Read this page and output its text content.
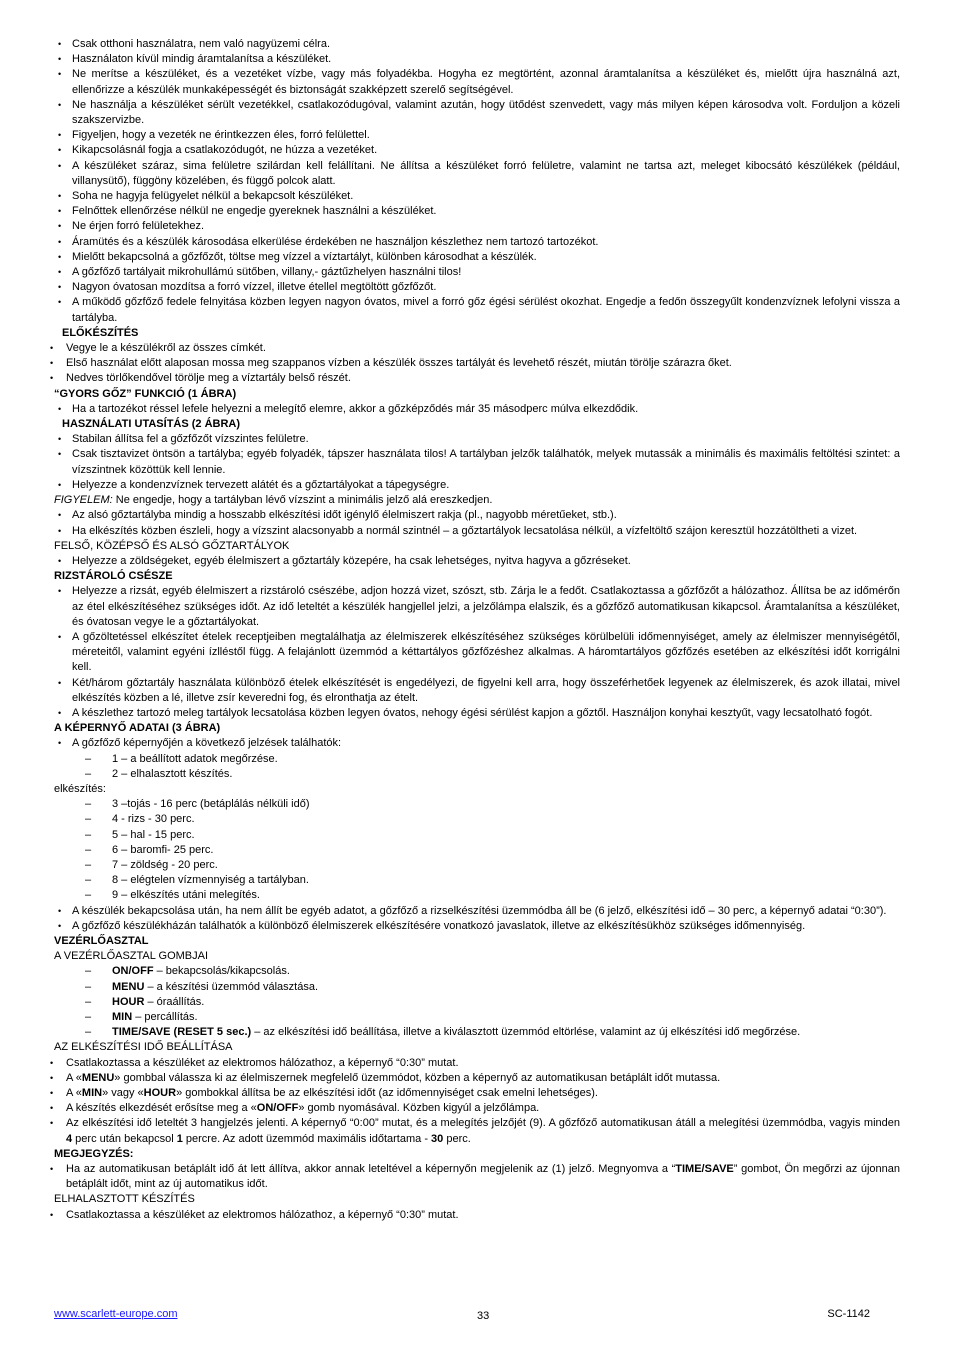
• Csak otthoni használatra, nem való nagyüzemi célra.
• Használaton kívül mindig áramtalanítsa a készüléket.
• Ne merítse a készüléket, és a vezetéket vízbe, vagy más folyadékba. Hogyha ez megtörtént, azonnal áramtalanítsa a készüléket és, mielőtt újra használná azt, ellenőrizze a készülék munkaképességét és biztonságát szakképzett szerelő segítségével.
• Ne használja a készüléket sérült vezetékkel, csatlakozódugóval, valamint azután, hogy ütődést szenvedett, vagy más milyen képen károsodva volt. Forduljon a közeli szakszervizbe.
• Figyeljen, hogy a vezeték ne érintkezzen éles, forró felülettel.
• Kikapcsolásnál fogja a csatlakozódugót, ne húzza a vezetéket.
• A készüléket száraz, sima felületre szilárdan kell felállítani. Ne állítsa a készüléket forró felületre, valamint ne tartsa azt, meleget kibocsátó készülékek (például, villanysütő), függöny közelében, és függő polcok alatt.
• Soha ne hagyja felügyelet nélkül a bekapcsolt készüléket.
• Felnőttek ellenőrzése nélkül ne engedje gyereknek használni a készüléket.
• Ne érjen forró felületekhez.
• Áramütés és a készülék károsodása elkerülése érdekében ne használjon készlethez nem tartozó tartozékot.
• Mielőtt bekapcsolná a gőzfőzőt, töltse meg vízzel a víztartályt, különben károsodhat a készülék.
• A gőzfőző tartályait mikrohullámú sütőben, villany,- gáztűzhelyen használni tilos!
• Nagyon óvatosan mozdítsa a forró vízzel, illetve étellel megtöltött gőzfőzőt.
• A működő gőzfőző fedele felnyitása közben legyen nagyon óvatos, mivel a forró gőz égési sérülést okozhat. Engedje a fedőn összegyűlt kondenzvíznek lefolyni vissza a tartályba.
ELŐKÉSZÍTÉS
• Vegye le a készülékről az összes címkét.
• Első használat előtt alaposan mossa meg szappanos vízben a készülék összes tartályát és levehető részét, miután törölje szárazra őket.
• Nedves törlőkendővel törölje meg a víztartály belső részét.
“GYORS GŐZ” FUNKCIÓ (1 ÁBRA)
• Ha a tartozékot réssel lefele helyezni a melegítő elemre, akkor a gőzképződés már 35 másodperc múlva elkezdődik.
HASZNÁLATI UTASÍTÁS (2 ÁBRA)
• Stabilan állítsa fel a gőzfőzőt vízszintes felületre.
• Csak tisztavizet öntsön a tartályba; egyéb folyadék, tápszer használata tilos! A tartályban jelzők találhatók, melyek mutassák a minimális és maximális feltöltési szintet: a vízszintnek közöttük kell lennie.
• Helyezze a kondenzvíznek tervezett alátét és a gőztartályokat a tápegységre.
FIGYELEM: Ne engedje, hogy a tartályban lévő vízszint a minimális jelző alá ereszkedjen.
• Az alsó gőztartályba mindig a hosszabb elkészítési időt igénylő élelmiszert rakja (pl., nagyobb méretűeket, stb.).
• Ha elkészítés közben észleli, hogy a vízszint alacsonyabb a normál szintnél – a gőztartályok lecsatolása nélkül, a vízfeltöltő szájon keresztül hozzátöltheti a vizet.
FELSŐ, KÖZÉPSŐ ÉS ALSÓ GŐZTARTÁLYOK
• Helyezze a zöldségeket, egyéb élelmiszert a gőztartály közepére, ha csak lehetséges, nyitva hagyva a gőzréseket.
RIZSTÁROLÓ CSÉSZE
• Helyezze a rizsát, egyéb élelmiszert a rizstároló csészébe, adjon hozzá vizet, szószt, stb. Zárja le a fedőt. Csatlakoztassa a gőzfőzőt a hálózathoz. Állítsa be az időmérőn az étel elkészítéséhez szükséges időt. Az idő leteltét a készülék hangjellel jelzi, a jelzőlámpa elalszik, és a gőzfőző automatikusan kikapcsol. Áramtalanítsa a készüléket, és óvatosan vegye le a gőztartályokat.
• A gőzöltetéssel elkészítet ételek receptjeiben megtalálhatja az élelmiszerek elkészítéséhez szükséges körülbelüli időmennyiséget, amely az élelmiszer mennyiségétől, méreteitől, valamint egyéni ízlléstől függ. A felajánlott üzemmód a kéttartályos gőzfőzéshez alkalmas. A háromtartályos gőzfőzés esetében az elkészítési időt korrigálni kell.
• Két/három gőztartály használata különböző ételek elkészítését is engedélyezi, de figyelni kell arra, hogy összeférhetőek legyenek az élelmiszerek, és azok illatai, mivel elkészítés közben a lé, illetve zsír keveredni fog, és elronthatja az ételt.
• A készlethez tartozó meleg tartályok lecsatolása közben legyen óvatos, nehogy égési sérülést kapjon a gőztől. Használjon konyhai kesztyűt, vagy lecsatolható fogót.
A KÉPERNYŐ ADATAI (3 ÁBRA)
• A gőzfőző képernyőjén a következő jelzések találhatók:
– 1 – a beállított adatok megőrzése.
– 2 – elhalasztott készítés.
elkészítés:
– 3 –tojás - 16 perc (betáplálás nélküli idő)
– 4 - rizs - 30 perc.
– 5 – hal - 15 perc.
– 6 – baromfi- 25 perc.
– 7 – zöldség - 20 perc.
– 8 – elégtelen vízmennyiség a tartályban.
– 9 – elkészítés utáni melegítés.
• A készülék bekapcsolása után, ha nem állít be egyéb adatot, a gőzfőző a rizselkészítési üzemmódba áll be (6 jelző, elkészítési idő – 30 perc, a képernyő adatai “0:30”).
• A gőzfőző készülékházán találhatók a különböző élelmiszerek elkészítésére vonatkozó javaslatok, illetve az elkészítésükhöz szükséges időmennyiség.
VEZÉRLŐASZTAL
A VEZÉRLŐASZTAL GOMBJAI
– ON/OFF – bekapcsolás/kikapcsolás.
– MENU – a készítési üzemmód választása.
– HOUR – óraállítás.
– MIN – percállítás.
– TIME/SAVE (RESET 5 sec.) – az elkészítési idő beállítása, illetve a kiválasztott üzemmód eltörlése, valamint az új elkészítési idő megőrzése.
AZ ELKÉSZÍTÉSI IDŐ BEÁLLÍTÁSA
• Csatlakoztassa a készüléket az elektromos hálózathoz, a képernyő “0:30” mutat.
• A «MENU» gombbal válassza ki az élelmiszernek megfelelő üzemmódot, közben a képernyő az automatikusan betáplált időt mutassa.
• A «MIN» vagy «HOUR» gombokkal állítsa be az elkészítési időt (az időmennyiséget csak emelni lehetséges).
• A készítés elkezdését erősítse meg a «ON/OFF» gomb nyomásával. Közben kigyúl a jelzőlámpa.
• Az elkészítési idő leteltét 3 hangjelzés jelenti. A képernyő “0:00” mutat, és a melegítés jelzőjét (9). A gőzfőző automatikusan átáll a melegítési üzemmódba, vagyis minden 4 perc után bekapcsol 1 percre. Az adott üzemmód maximális időtartama - 30 perc.
MEGJEGYZÉS:
• Ha az automatikusan betáplált idő át lett állítva, akkor annak leteltével a képernyőn megjelenik az (1) jelző. Megnyomva a “TIME/SAVE” gombot, Ön megőrzi az újonnan betáplált időt, mint az új automatikus időt.
ELHALASZTOTT KÉSZÍTÉS
• Csatlakoztassa a készüléket az elektromos hálózathoz, a képernyő “0:30” mutat.
www.scarlett-europe.com	33	SC-1142
